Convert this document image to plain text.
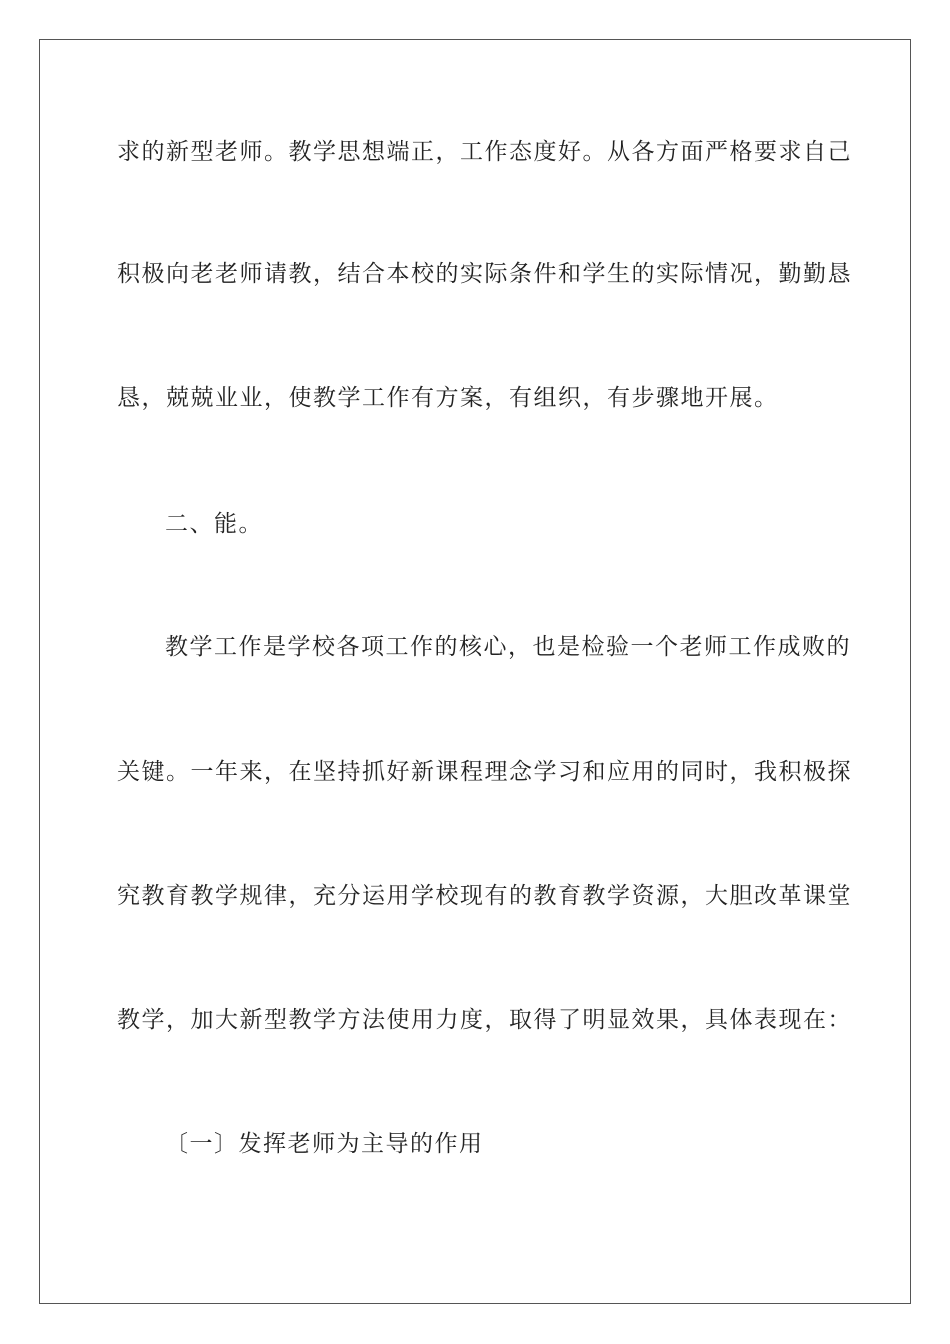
求的新型老师。教学思想端正，工作态度好。从各方面严格要求自己
积极向老老师请教，结合本校的实际条件和学生的实际情况，勤勤恳
恳，兢兢业业，使教学工作有方案，有组织，有步骤地开展。
二、能。
教学工作是学校各项工作的核心，也是检验一个老师工作成败的
关键。一年来，在坚持抓好新课程理念学习和应用的同时，我积极探
究教育教学规律，充分运用学校现有的教育教学资源，大胆改革课堂
教学，加大新型教学方法使用力度，取得了明显效果，具体表现在：
〔一〕发挥老师为主导的作用
